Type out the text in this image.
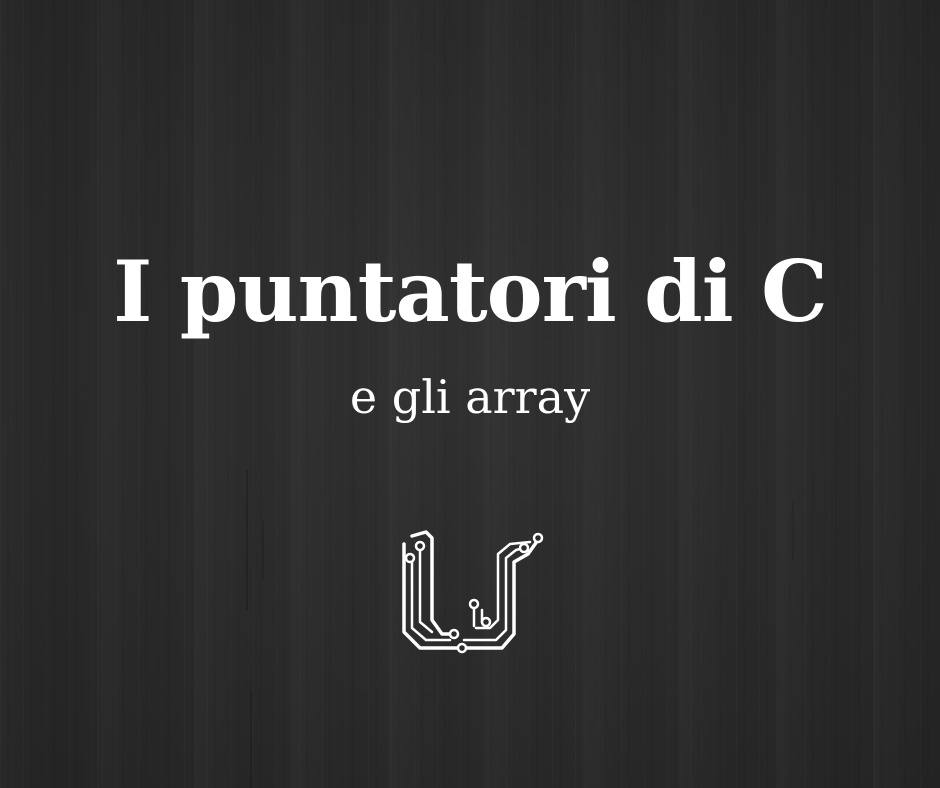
I puntatori di C
e gli array
